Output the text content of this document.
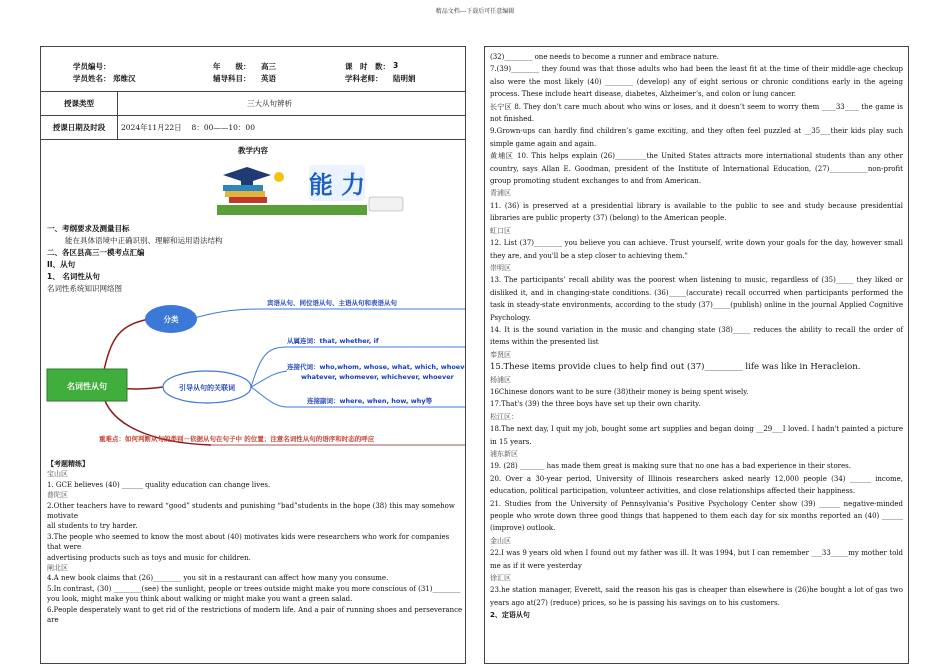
精品文档---下载后可任意编辑
学员编号：	年　　级： 高三	课　时　数： 3
学员姓名： 郑维汉	辅导科目： 英语	学科老师： 陆明娟
授课类型	三大从句辨析
授课日期及时段	2024年11月22日　 8：00——10：00
教学内容
能 力
一、考纲要求及测量目标
能在具体语境中正确识别、理解和运用语法结构
二、各区县高三一模考点汇编
II、从句
1、 名词性从句
名词性系统知识网络图
名词性从句
分类
引导从句的关联词
宾语从句、同位语从句、主语从句和表语从句
从属连词：that, whether, if
连接代词：who,whom, whose, what, which, whoever
whatever, whomever, whichever, whoever
连接副词：where, when, how, why等
重难点：如何判断从句的类别－依据从句在句子中 的位置；注意名词性从句的语序和时态的呼应
【考题精练】
宝山区
1. GCE believes (40) ______ quality education can change lives.
普陀区
2.Other teachers have to reward “good” students and punishing “bad”students in the hope (38) this may somehow motivate
all students to try harder.
3.The people who seemed to know the most about (40) motivates kids were researchers who work for companies that were
advertising products such as toys and music for children.
闸北区
4.A new book claims that (26)________ you sit in a restaurant can affect how many you consume.
5.In contrast, (30) ________(see) the sunlight, people or trees outside might make you more conscious of (31)________
you look, might make you think about walking or might make you want a green salad.
6.People desperately want to get rid of the restrictions of modern life. And a pair of running shoes and perseverance are
(32)________ one needs to become a runner and embrace nature.
7.(39)________ they found was that those adults who had been the least fit at the time of their middle-age checkup also were the most likely (40) ________ (develop) any of eight serious or chronic conditions early in the ageing process. These include heart disease, diabetes, Alzheimer’s, and colon or lung cancer.
长宁区 8. They don’t care much about who wins or loses, and it doesn’t seem to worry them ____33____ the game is not finished.
9.Grown-ups can hardly find children’s game exciting, and they often feel puzzled at __35___their kids play such simple game again and again.
黄埔区 10. This helps explain (26)_________the United States attracts more international students than any other country, says Allan E. Goodman, president of the Institute of International Education, (27)___________non-profit group promoting student exchanges to and from American.
青浦区
11. (36) is preserved at a presidential library is available to the public to see and study because presidential libraries are public property (37) (belong) to the American people.
虹口区
12. List (37)________ you believe you can achieve. Trust yourself, write down your goals for the day, however small they are, and you'll be a step closer to achieving them."
崇明区
13. The participants’ recall ability was the poorest when listening to music, regardless of (35)_____ they liked or disliked it, and in changing-state conditions. (36)_____(accurate) recall occurred when participants performed the task in steady-state environments, according to the study (37)_____(publish) online in the journal Applied Cognitive Psychology.
14. It is the sound variation in the music and changing state (38)_____ reduces the ability to recall the order of items within the presented list
奉贤区
15.These items provide clues to help find out (37)_________ life was like in Heracleion.
杨浦区
16Chinese donors want to be sure (38)their money is being spent wisely.
17.That's (39) the three boys have set up their own charity.
松江区：
18.The next day, I quit my job, bought some art supplies and began doing __29___I loved. I hadn't painted a picture in 15 years.
浦东新区
19. (28) _______ has made them great is making sure that no one has a bad experience in their stores.
20. Over a 30-year period, University of Illinois researchers asked nearly 12,000 people (34) ______ income, education, political participation, volunteer activities, and close relationships affected their happiness.
21. Studies from the University of Pennsylvania’s Positive Psychology Center show (39) ______ negative-minded people who wrote down three good things that happened to them each day for six months reported an (40) ______ (improve) outlook.
金山区
22.I was 9 years old when I found out my father was ill. It was 1994, but I can remember ___33_____my mother told me as if it were yesterday
徐汇区
23.he station manager, Everett, said the reason his gas is cheaper than elsewhere is (26)he bought a lot of gas two years ago at(27) (reduce) prices, so he is passing his savings on to his customers.
2、定语从句
